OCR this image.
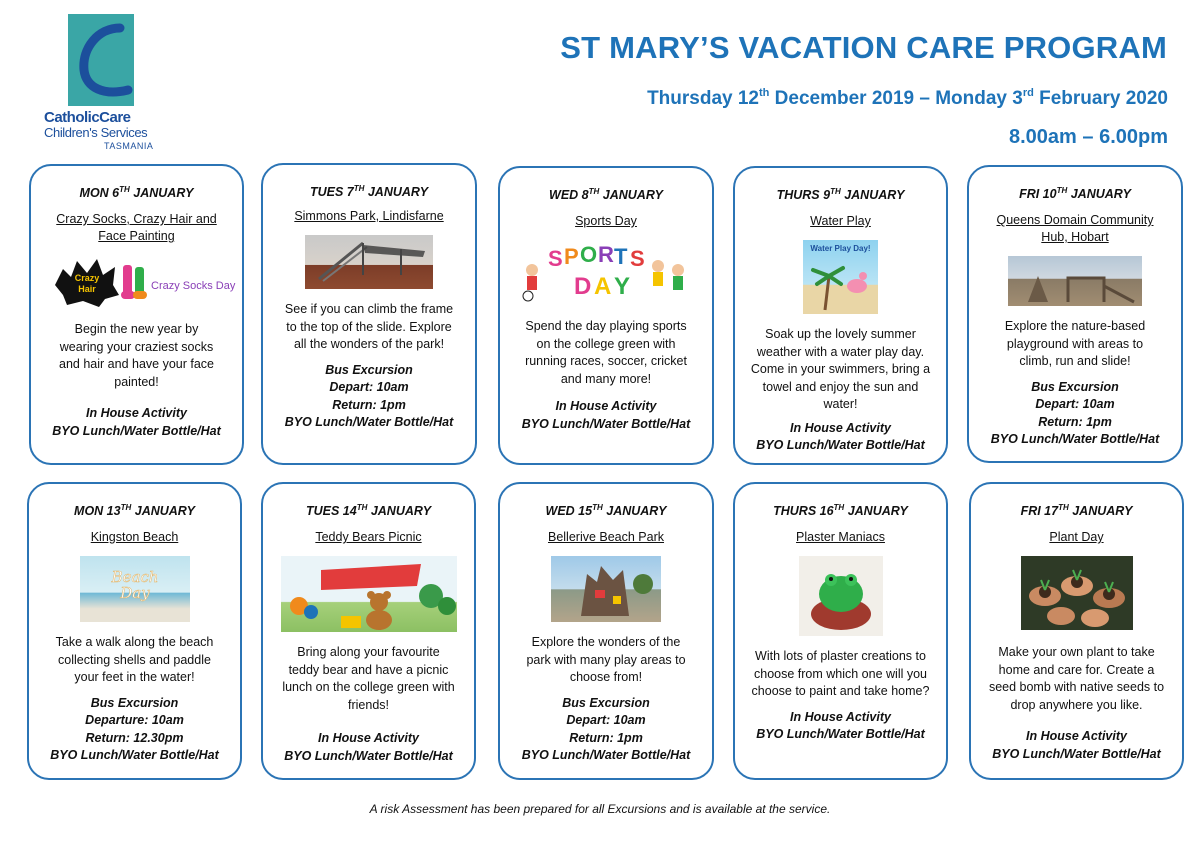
CatholicCare
Children's Services
TASMANIA
ST MARY’S VACATION CARE PROGRAM
Thursday 12th December 2019 – Monday 3rd February 2020
8.00am – 6.00pm
MON 6TH JANUARY
Crazy Socks, Crazy Hair and Face Painting
Crazy
Hair	Crazy Socks Day
Begin the new year by wearing your craziest socks and hair and have your face painted!
In House Activity
BYO Lunch/Water Bottle/Hat
TUES 7TH JANUARY
Simmons Park, Lindisfarne
See if you can climb the frame to the top of the slide. Explore all the wonders of the park!
Bus Excursion
Depart: 10am
Return: 1pm
BYO Lunch/Water Bottle/Hat
WED 8TH JANUARY
Sports Day
S P O R T S
D A Y
Spend the day playing sports on the college green with running races, soccer, cricket and many more!
In House Activity
BYO Lunch/Water Bottle/Hat
THURS 9TH JANUARY
Water Play
Water Play Day!
Soak up the lovely summer weather with a water play day. Come in your swimmers, bring a towel and enjoy the sun and water!
In House Activity
BYO Lunch/Water Bottle/Hat
FRI 10TH JANUARY
Queens Domain Community Hub, Hobart
Explore the nature-based playground with areas to climb, run and slide!
Bus Excursion
Depart: 10am
Return: 1pm
BYO Lunch/Water Bottle/Hat
MON 13TH JANUARY
Kingston Beach
Beach
Day
Take a walk along the beach collecting shells and paddle your feet in the water!
Bus Excursion
Departure: 10am
Return: 12.30pm
BYO Lunch/Water Bottle/Hat
TUES 14TH JANUARY
Teddy Bears Picnic
Bring along your favourite teddy bear and have a picnic lunch on the college green with friends!
In House Activity
BYO Lunch/Water Bottle/Hat
WED 15TH JANUARY
Bellerive Beach Park
Explore the wonders of the park with many play areas to choose from!
Bus Excursion
Depart: 10am
Return: 1pm
BYO Lunch/Water Bottle/Hat
THURS 16TH JANUARY
Plaster Maniacs
With lots of plaster creations to choose from which one will you choose to paint and take home?
In House Activity
BYO Lunch/Water Bottle/Hat
FRI 17TH JANUARY
Plant Day
Make your own plant to take home and care for. Create a seed bomb with native seeds to drop anywhere you like.
In House Activity
BYO Lunch/Water Bottle/Hat
A risk Assessment has been prepared for all Excursions and is available at the service.
